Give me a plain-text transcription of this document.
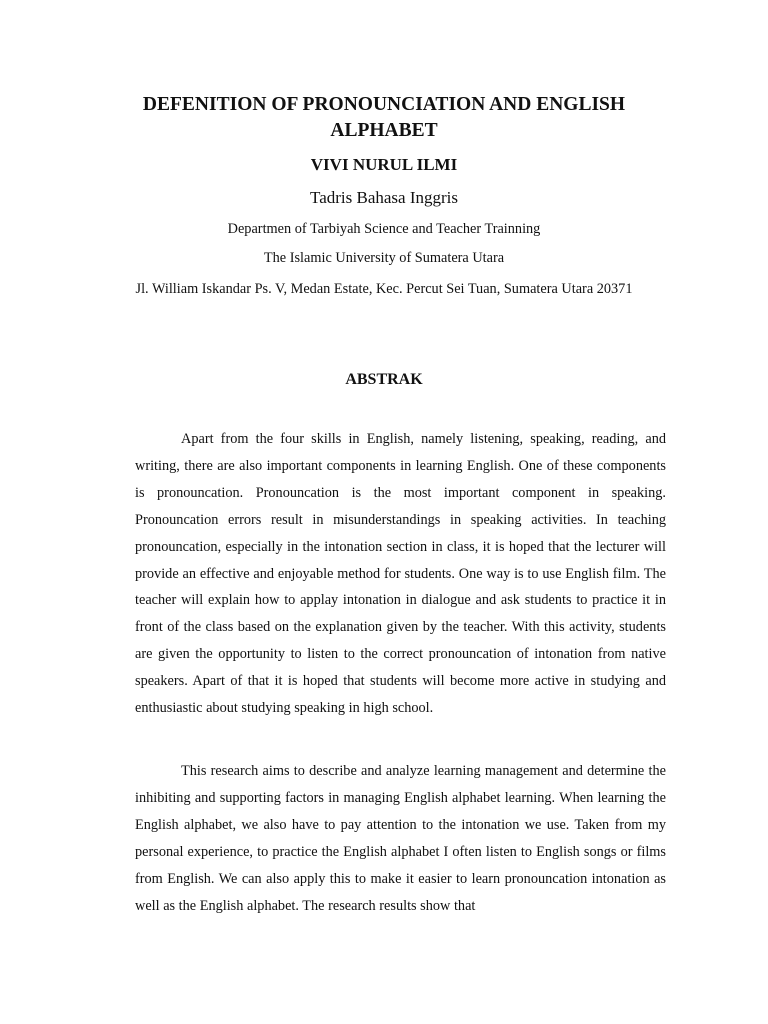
DEFENITION OF PRONOUNCIATION AND ENGLISH ALPHABET
VIVI NURUL ILMI
Tadris Bahasa Inggris
Departmen of Tarbiyah Science and Teacher Trainning
The Islamic University of Sumatera Utara
Jl. William Iskandar Ps. V, Medan Estate, Kec. Percut Sei Tuan, Sumatera Utara 20371
ABSTRAK

Apart from the four skills in English, namely listening, speaking, reading, and writing, there are also important components in learning English. One of these components is pronouncation. Pronouncation is the most important component in speaking. Pronouncation errors result in misunderstandings in speaking activities. In teaching pronouncation, especially in the intonation section in class, it is hoped that the lecturer will provide an effective and enjoyable method for students. One way is to use English film. The teacher will explain how to applay intonation in dialogue and ask students to practice it in front of the class based on the explanation given by the teacher. With this activity, students are given the opportunity to listen to the correct pronouncation of intonation from native speakers. Apart of that it is hoped that students will become more active in studying and enthusiastic about studying speaking in high school.

This research aims to describe and analyze learning management and determine the inhibiting and supporting factors in managing English alphabet learning. When learning the English alphabet, we also have to pay attention to the intonation we use. Taken from my personal experience, to practice the English alphabet I often listen to English songs or films from English. We can also apply this to make it easier to learn pronouncation intonation as well as the English alphabet. The research results show that
